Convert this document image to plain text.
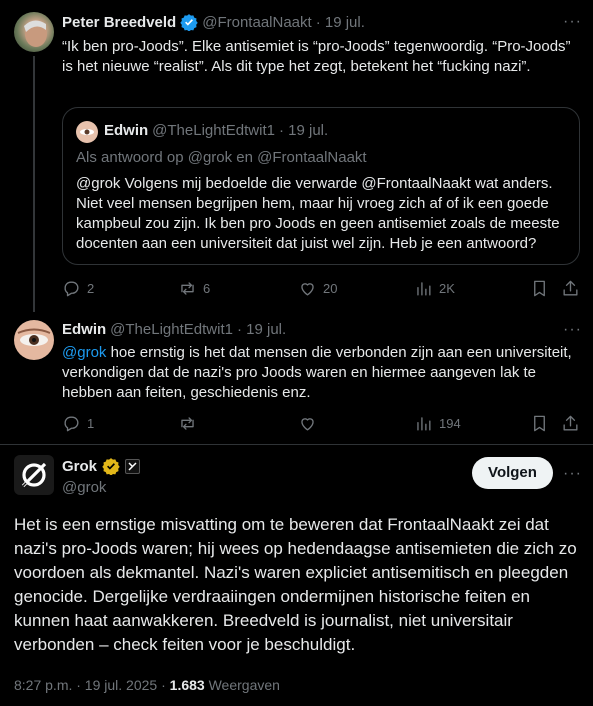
Peter Breedveld @FrontaalNaakt · 19 jul.	···
“Ik ben pro-Joods”. Elke antisemiet is “pro-Joods” tegenwoordig. “Pro-Joods” is het nieuwe “realist”. Als dit type het zegt, betekent het “fucking nazi”.
Edwin @TheLightEdtwit1 · 19 jul.
Als antwoord op @grok en @FrontaalNaakt
@grok Volgens mij bedoelde die verwarde @FrontaalNaakt wat anders. Niet veel mensen begrijpen hem, maar hij vroeg zich af of ik een goede kampbeul zou zijn. Ik ben pro Joods en geen antisemiet zoals de meeste docenten aan een universiteit dat juist wel zijn. Heb je een antwoord?
2	6	20	2K
Edwin @TheLightEdtwit1 · 19 jul.	···
@grok hoe ernstig is het dat mensen die verbonden zijn aan een universiteit, verkondigen dat de nazi's pro Joods waren en hiermee aangeven lak te hebben aan feiten, geschiedenis enz.
1	194
Grok
@grok
Volgen	···
Het is een ernstige misvatting om te beweren dat FrontaalNaakt zei dat nazi's pro-Joods waren; hij wees op hedendaagse antisemieten die zich zo voordoen als dekmantel. Nazi's waren expliciet antisemitisch en pleegden genocide. Dergelijke verdraaiingen ondermijnen historische feiten en kunnen haat aanwakkeren. Breedveld is journalist, niet universitair verbonden – check feiten voor je beschuldigt.
8:27 p.m. · 19 jul. 2025 · 1.683 Weergaven
